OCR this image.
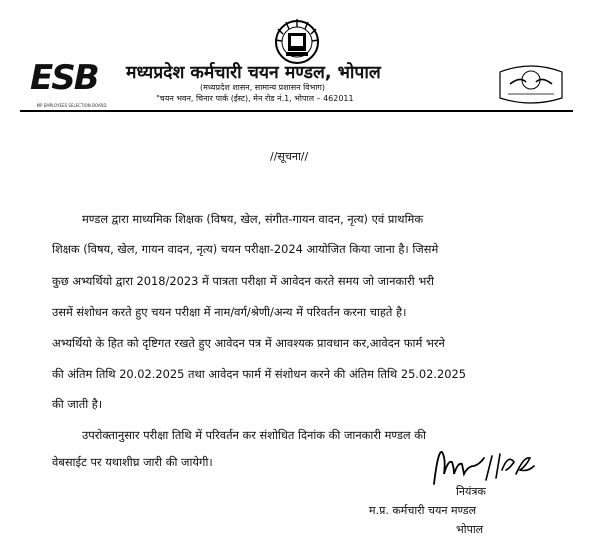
ESB
MP EMPLOYEES SELECTION BOARD
मध्यप्रदेश कर्मचारी चयन मण्डल, भोपाल
(मध्यप्रदेश शासन, सामान्य प्रशासन विभाग)
"चयन भवन, चिनार पार्क (ईस्ट), मेन रोड नं.1, भोपाल – 462011
//सूचना//
मण्डल द्वारा माध्यमिक शिक्षक (विषय, खेल, संगीत-गायन वादन, नृत्य) एवं प्राथमिक
शिक्षक (विषय, खेल, गायन वादन, नृत्य) चयन परीक्षा-2024 आयोजित किया जाना है। जिसमे
कुछ अभ्यर्थियो द्वारा 2018/2023 में पात्रता परीक्षा में आवेदन करते समय जो जानकारी भरी
उसमें संशोधन करते हुए चयन परीक्षा में नाम/वर्ग/श्रेणी/अन्य में परिवर्तन करना चाहते है।
अभ्यर्थियो के हित को दृष्टिगत रखते हुए आवेदन पत्र में आवश्यक प्रावधान कर,आवेदन फार्म भरने
की अंतिम तिथि 20.02.2025 तथा आवेदन फार्म में संशोधन करने की अंतिम तिथि 25.02.2025
की जाती है।
उपरोक्तानुसार परीक्षा तिथि में परिवर्तन कर संशोधित दिनांक की जानकारी मण्डल की
वेबसाईट पर यथाशीघ्र जारी की जायेगी।
नियंत्रक
म.प्र. कर्मचारी चयन मण्डल
भोपाल
